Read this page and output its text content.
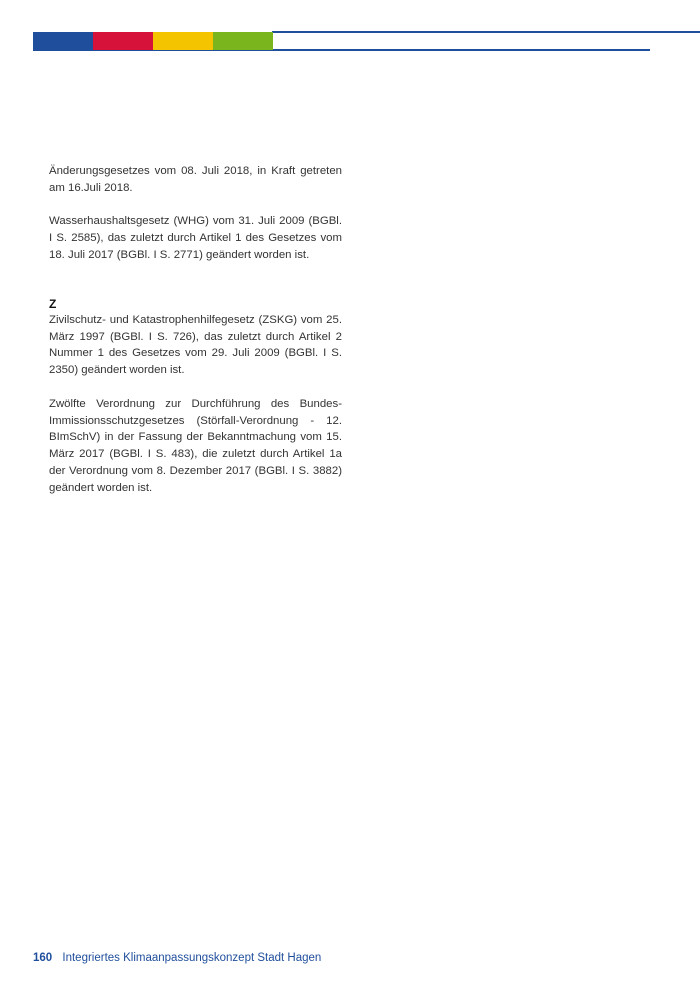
Änderungsgesetzes vom 08. Juli 2018, in Kraft getreten am 16.Juli 2018.

Wasserhaushaltsgesetz (WHG) vom 31. Juli 2009 (BGBl. I S. 2585), das zuletzt durch Artikel 1 des Gesetzes vom 18. Juli 2017 (BGBl. I S. 2771) geändert worden ist.

Z

Zivilschutz- und Katastrophenhilfegesetz (ZSKG) vom 25. März 1997 (BGBl. I S. 726), das zuletzt durch Artikel 2 Nummer 1 des Gesetzes vom 29. Juli 2009 (BGBl. I S. 2350) geändert worden ist.

Zwölfte Verordnung zur Durchführung des Bundes-Immissionsschutzgesetzes (Störfall-Verordnung - 12. BImSchV) in der Fassung der Bekanntmachung vom 15. März 2017 (BGBl. I S. 483), die zuletzt durch Artikel 1a der Verordnung vom 8. Dezember 2017 (BGBl. I S. 3882) geändert worden ist.

160 Integriertes Klimaanpassungskonzept Stadt Hagen
